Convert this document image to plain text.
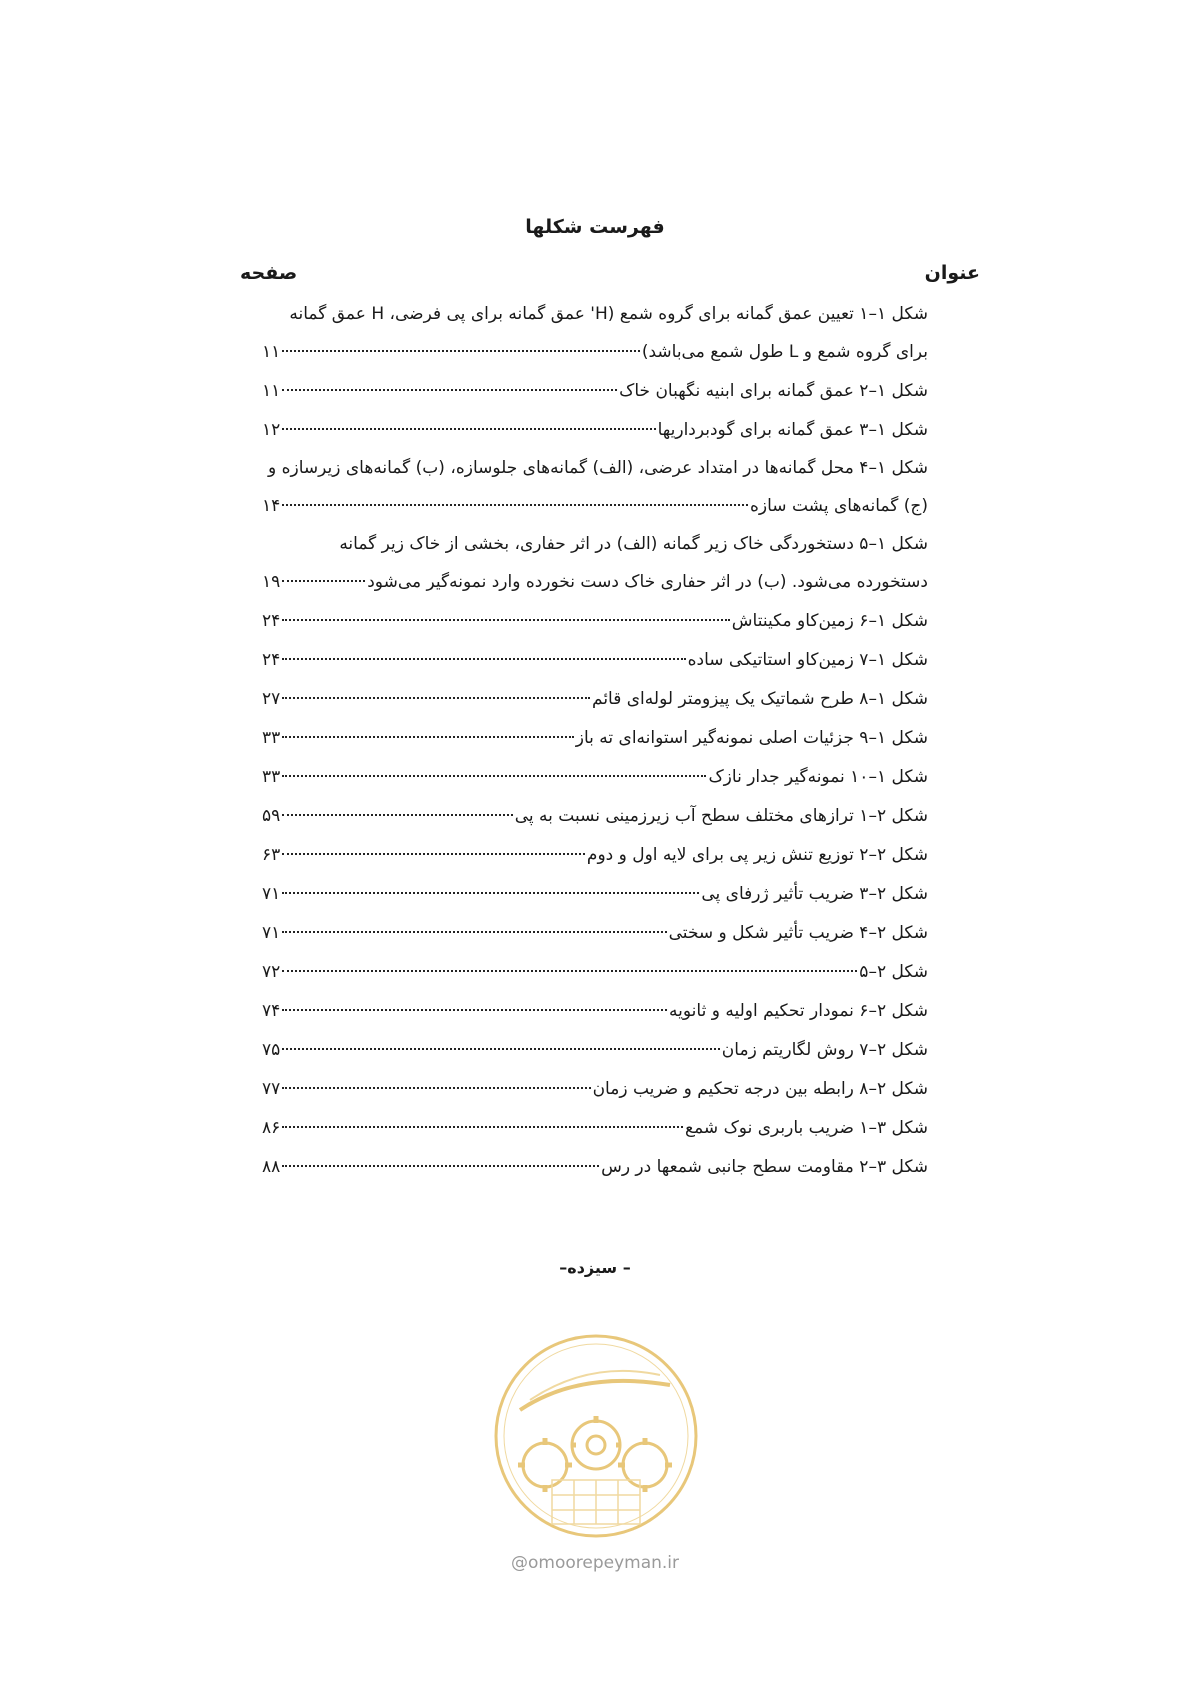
فهرست شکلها
عنوان
صفحه
شکل ۱–۱ تعیین عمق گمانه برای گروه شمع (H' عمق گمانه برای پی فرضی، H عمق گمانه
برای گروه شمع و L طول شمع می‌باشد)
۱۱
شکل ۱–۲ عمق گمانه برای ابنیه نگهبان خاک
۱۱
شکل ۱–۳ عمق گمانه برای گودبرداریها
۱۲
شکل ۱–۴ محل گمانه‌ها در امتداد عرضی، (الف) گمانه‌های جلوسازه، (ب) گمانه‌های زیرسازه و
(ج) گمانه‌های پشت سازه
۱۴
شکل ۱–۵ دستخوردگی خاک زیر گمانه (الف) در اثر حفاری، بخشی از خاک زیر گمانه
دستخورده می‌شود. (ب) در اثر حفاری خاک دست نخورده وارد نمونه‌گیر می‌شود
۱۹
شکل ۱–۶ زمین‌کاو مکینتاش
۲۴
شکل ۱–۷ زمین‌کاو استاتیکی ساده
۲۴
شکل ۱–۸ طرح شماتیک یک پیزومتر لوله‌ای قائم
۲۷
شکل ۱–۹ جزئیات اصلی نمونه‌گیر استوانه‌ای ته باز
۳۳
شکل ۱–۱۰ نمونه‌گیر جدار نازک
۳۳
شکل ۲–۱ ترازهای مختلف سطح آب زیرزمینی نسبت به پی
۵۹
شکل ۲–۲ توزیع تنش زیر پی برای لایه اول و دوم
۶۳
شکل ۲–۳ ضریب تأثیر ژرفای پی
۷۱
شکل ۲–۴ ضریب تأثیر شکل و سختی
۷۱
شکل ۲–۵
۷۲
شکل ۲–۶ نمودار تحکیم اولیه و ثانویه
۷۴
شکل ۲–۷ روش لگاریتم زمان
۷۵
شکل ۲–۸ رابطه بین درجه تحکیم و ضریب زمان
۷۷
شکل ۳–۱ ضریب باربری نوک شمع
۸۶
شکل ۳–۲ مقاومت سطح جانبی شمعها در رس
۸۸
– سیزده–
@omoorepeyman.ir
